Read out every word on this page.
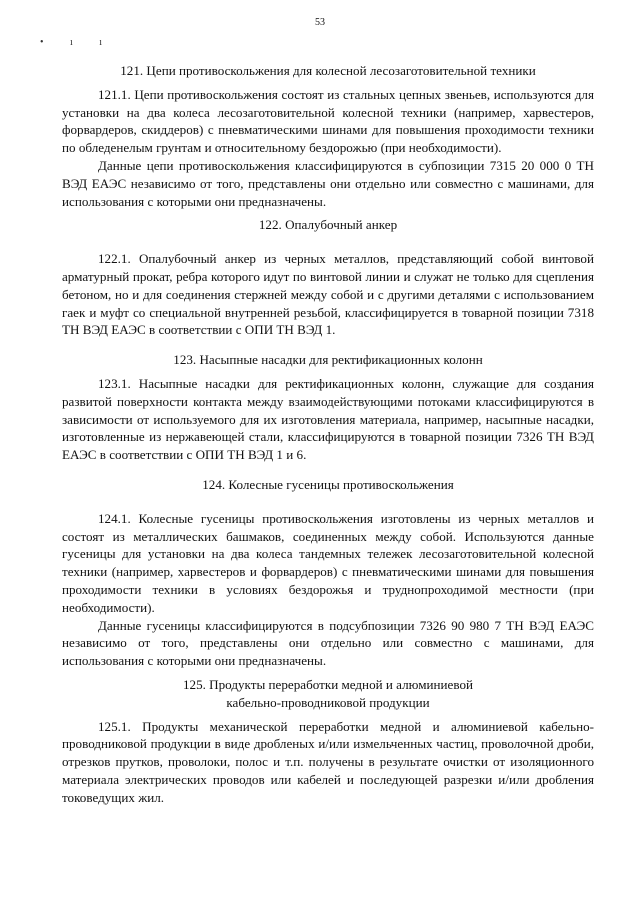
53
• ı ı
121. Цепи противоскольжения для колесной лесозаготовительной техники

121.1. Цепи противоскольжения состоят из стальных цепных звеньев, используются для установки на два колеса лесозаготовительной колесной техники (например, харвестеров, форвардеров, скиддеров) с пневматическими шинами для повышения проходимости техники по обледенелым грунтам и относительному бездорожью (при необходимости).

Данные цепи противоскольжения классифицируются в субпозиции 7315 20 000 0 ТН ВЭД ЕАЭС независимо от того, представлены они отдельно или совместно с машинами, для использования с которыми они предназначены.

122. Опалубочный анкер

122.1. Опалубочный анкер из черных металлов, представляющий собой винтовой арматурный прокат, ребра которого идут по винтовой линии и служат не только для сцепления бетоном, но и для соединения стержней между собой и с другими деталями с использованием гаек и муфт со специальной внутренней резьбой, классифицируется в товарной позиции 7318 ТН ВЭД ЕАЭС в соответствии с ОПИ ТН ВЭД 1.

123. Насыпные насадки для ректификационных колонн

123.1. Насыпные насадки для ректификационных колонн, служащие для создания развитой поверхности контакта между взаимодействующими потоками классифицируются в зависимости от используемого для их изготовления материала, например, насыпные насадки, изготовленные из нержавеющей стали, классифицируются в товарной позиции 7326 ТН ВЭД ЕАЭС в соответствии с ОПИ ТН ВЭД 1 и 6.

124. Колесные гусеницы противоскольжения

124.1. Колесные гусеницы противоскольжения изготовлены из черных металлов и состоят из металлических башмаков, соединенных между собой. Используются данные гусеницы для установки на два колеса тандемных тележек лесозаготовительной колесной техники (например, харвестеров и форвардеров) с пневматическими шинами для повышения проходимости техники в условиях бездорожья и труднопроходимой местности (при необходимости).

Данные гусеницы классифицируются в подсубпозиции 7326 90 980 7 ТН ВЭД ЕАЭС независимо от того, представлены они отдельно или совместно с машинами, для использования с которыми они предназначены.

125. Продукты переработки медной и алюминиевой
кабельно-проводниковой продукции

125.1. Продукты механической переработки медной и алюминиевой кабельно-проводниковой продукции в виде дробленых и/или измельченных частиц, проволочной дроби, отрезков прутков, проволоки, полос и т.п. получены в результате очистки от изоляционного материала электрических проводов или кабелей и последующей разрезки и/или дробления токоведущих жил.
